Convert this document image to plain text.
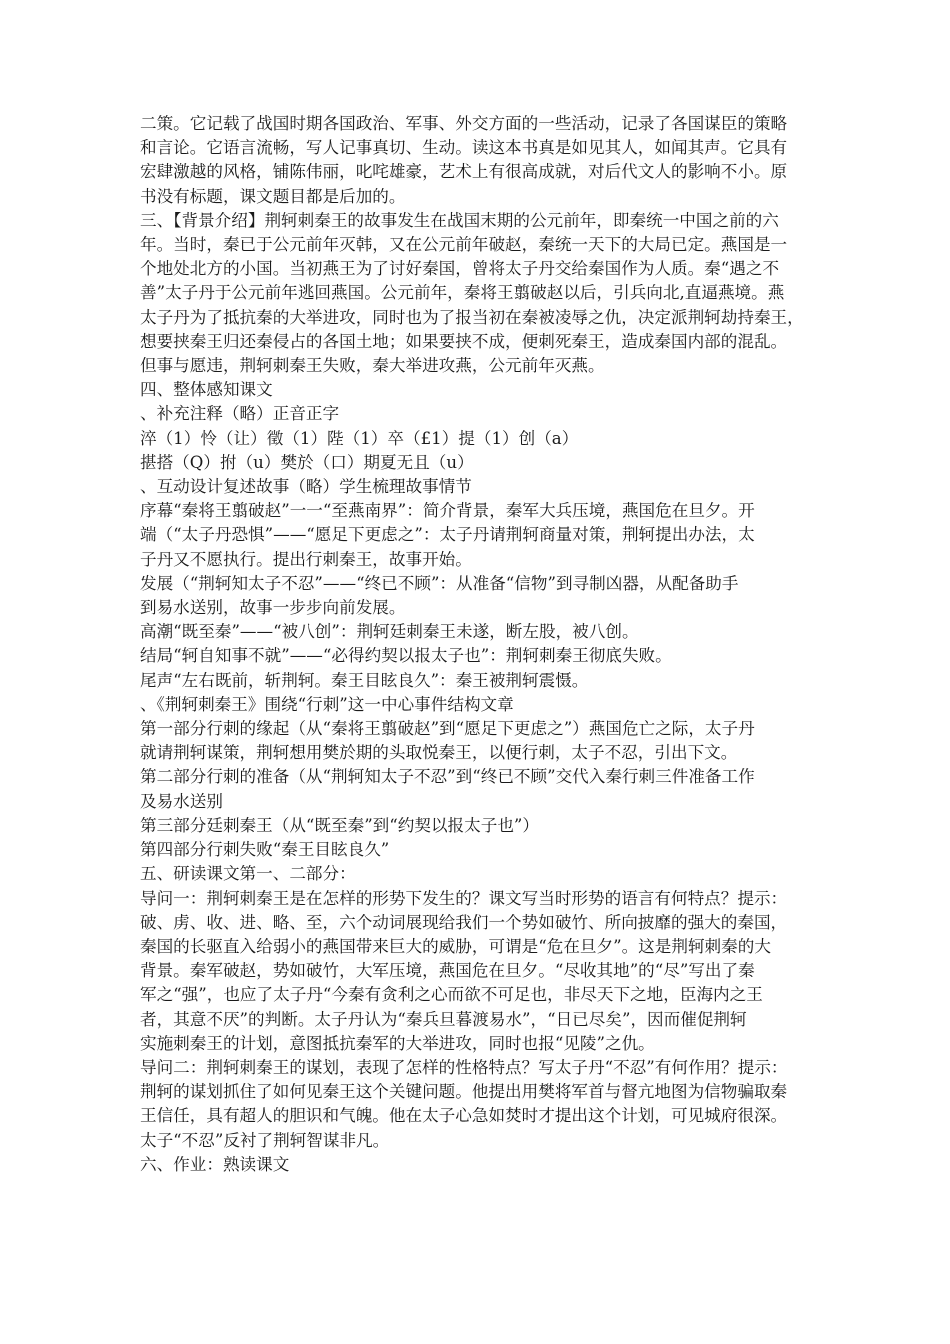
二策。它记载了战国时期各国政治、军事、外交方面的一些活动，记录了各国谋臣的策略

和言论。它语言流畅，写人记事真切、生动。读这本书真是如见其人，如闻其声。它具有

宏肆激越的风格，铺陈伟丽，叱咤雄豪，艺术上有很高成就，对后代文人的影响不小。原

书没有标题，课文题目都是后加的。

三、【背景介绍】荆轲刺秦王的故事发生在战国末期的公元前年，即秦统一中国之前的六

年。当时，秦已于公元前年灭韩，又在公元前年破赵，秦统一天下的大局已定。燕国是一

个地处北方的小国。当初燕王为了讨好秦国，曾将太子丹交给秦国作为人质。秦“遇之不

善”太子丹于公元前年逃回燕国。公元前年，秦将王翦破赵以后，引兵向北,直逼燕境。燕

太子丹为了抵抗秦的大举进攻，同时也为了报当初在秦被凌辱之仇，决定派荆轲劫持秦王，

想要挟秦王归还秦侵占的各国土地；如果要挟不成，便刺死秦王，造成秦国内部的混乱。

但事与愿违，荆轲刺秦王失败，秦大举进攻燕，公元前年灭燕。

四、整体感知课文

、补充注释（略）正音正字

淬（1）怜（让）徵（1）陛（1）卒（£1）提（1）创（a）

揕搭（Q）拊（u）樊於（口）期夏无且（u）

、互动设计复述故事（略）学生梳理故事情节

序幕“秦将王翦破赵”一一“至燕南界”：简介背景，秦军大兵压境，燕国危在旦夕。开

端（“太子丹恐惧”——“愿足下更虑之”：太子丹请荆轲商量对策，荆轲提出办法，太

子丹又不愿执行。提出行刺秦王，故事开始。

发展（“荆轲知太子不忍”——“终已不顾”：从准备“信物”到寻制凶器，从配备助手

到易水送别，故事一步步向前发展。

高潮“既至秦”——“被八创”：荆轲廷刺秦王未遂，断左股，被八创。

结局“轲自知事不就”——“必得约契以报太子也”：荆轲刺秦王彻底失败。

尾声“左右既前，斩荆轲。秦王目眩良久”：秦王被荆轲震慑。

、《荆轲刺秦王》围绕“行刺”这一中心事件结构文章

第一部分行刺的缘起（从“秦将王翦破赵”到“愿足下更虑之”）燕国危亡之际，太子丹

就请荆轲谋策，荆轲想用樊於期的头取悦秦王，以便行刺，太子不忍，引出下文。

第二部分行刺的准备（从“荆轲知太子不忍”到“终已不顾”交代入秦行刺三件准备工作

及易水送别

第三部分廷刺秦王（从“既至秦”到“约契以报太子也”）

第四部分行刺失败“秦王目眩良久”

五、研读课文第一、二部分：

导问一：荆轲刺秦王是在怎样的形势下发生的？课文写当时形势的语言有何特点？提示：

破、虏、收、进、略、至，六个动词展现给我们一个势如破竹、所向披靡的强大的秦国，

秦国的长驱直入给弱小的燕国带来巨大的威胁，可谓是“危在旦夕”。这是荆轲刺秦的大

背景。秦军破赵，势如破竹，大军压境，燕国危在旦夕。“尽收其地”的“尽”写出了秦

军之“强”，也应了太子丹“今秦有贪利之心而欲不可足也，非尽天下之地，臣海内之王

者，其意不厌”的判断。太子丹认为“秦兵旦暮渡易水”，“日已尽矣”，因而催促荆轲

实施刺秦王的计划，意图抵抗秦军的大举进攻，同时也报“见陵”之仇。

导问二：荆轲刺秦王的谋划，表现了怎样的性格特点？写太子丹“不忍”有何作用？提示：

荆轲的谋划抓住了如何见秦王这个关键问题。他提出用樊将军首与督亢地图为信物骗取秦

王信任，具有超人的胆识和气魄。他在太子心急如焚时才提出这个计划，可见城府很深。

太子“不忍”反衬了荆轲智谋非凡。

六、作业：熟读课文
